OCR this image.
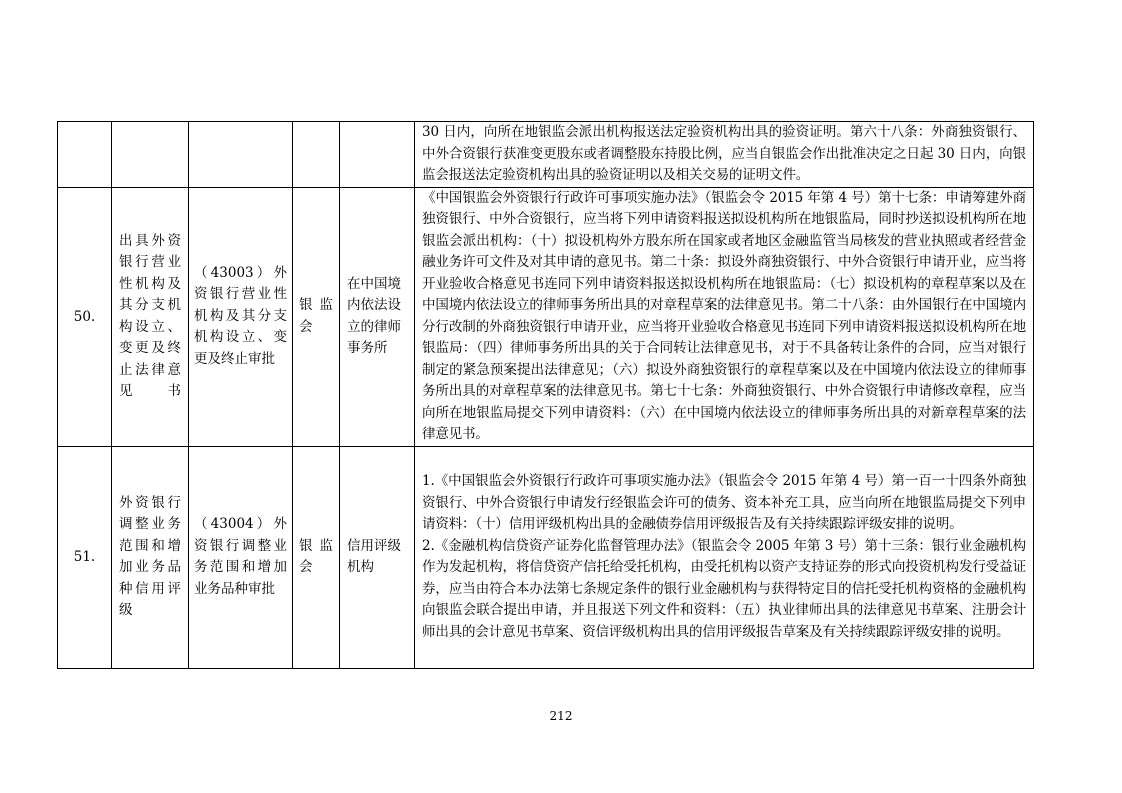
					30 日内，向所在地银监会派出机构报送法定验资机构出具的验资证明。第六十八条：外商独资银行、中外合资银行获准变更股东或者调整股东持股比例，应当自银监会作出批准决定之日起 30 日内，向银监会报送法定验资机构出具的验资证明以及相关交易的证明文件。

50.	出具外资银行营业性机构及其分支机构设立、变更及终止法律意见书	（43003）外资银行营业性机构及其分支机构设立、变更及终止审批	银监会	在中国境内依法设立的律师事务所	《中国银监会外资银行行政许可事项实施办法》（银监会令 2015 年第 4 号）第十七条：申请筹建外商独资银行、中外合资银行，应当将下列申请资料报送拟设机构所在地银监局，同时抄送拟设机构所在地银监会派出机构：（十）拟设机构外方股东所在国家或者地区金融监管当局核发的营业执照或者经营金融业务许可文件及对其申请的意见书。第二十条：拟设外商独资银行、中外合资银行申请开业，应当将开业验收合格意见书连同下列申请资料报送拟设机构所在地银监局：（七）拟设机构的章程草案以及在中国境内依法设立的律师事务所出具的对章程草案的法律意见书。第二十八条：由外国银行在中国境内分行改制的外商独资银行申请开业，应当将开业验收合格意见书连同下列申请资料报送拟设机构所在地银监局：（四）律师事务所出具的关于合同转让法律意见书，对于不具备转让条件的合同，应当对银行制定的紧急预案提出法律意见；（六）拟设外商独资银行的章程草案以及在中国境内依法设立的律师事务所出具的对章程草案的法律意见书。第七十七条：外商独资银行、中外合资银行申请修改章程，应当向所在地银监局提交下列申请资料：（六）在中国境内依法设立的律师事务所出具的对新章程草案的法律意见书。

51.	外资银行调整业务范围和增加业务品种信用评级	（43004）外资银行调整业务范围和增加业务品种审批	银监会	信用评级机构	1.《中国银监会外资银行行政许可事项实施办法》（银监会令 2015 年第 4 号）第一百一十四条外商独资银行、中外合资银行申请发行经银监会许可的债务、资本补充工具，应当向所在地银监局提交下列申请资料：（十）信用评级机构出具的金融债券信用评级报告及有关持续跟踪评级安排的说明。

2.《金融机构信贷资产证券化监督管理办法》（银监会令 2005 年第 3 号）第十三条：银行业金融机构作为发起机构，将信贷资产信托给受托机构，由受托机构以资产支持证券的形式向投资机构发行受益证券，应当由符合本办法第七条规定条件的银行业金融机构与获得特定目的信托受托机构资格的金融机构向银监会联合提出申请，并且报送下列文件和资料：（五）执业律师出具的法律意见书草案、注册会计师出具的会计意见书草案、资信评级机构出具的信用评级报告草案及有关持续跟踪评级安排的说明。

212
